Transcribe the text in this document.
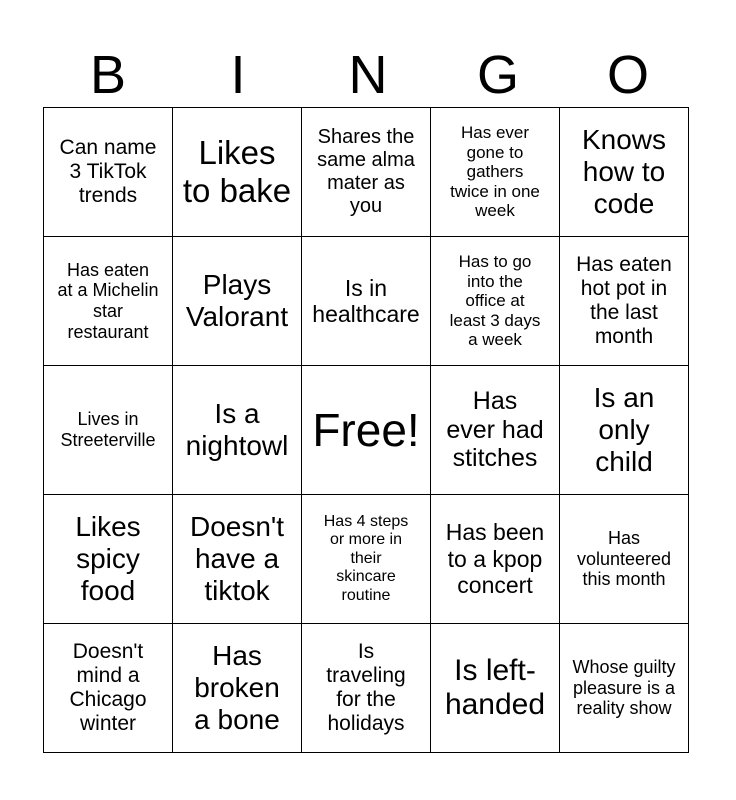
B	I	N	G	O
Can name
3 TikTok
trends	Likes
to bake	Shares the
same alma
mater as
you	Has ever
gone to
gathers
twice in one
week	Knows
how to
code
Has eaten
at a Michelin
star
restaurant	Plays
Valorant	Is in
healthcare	Has to go
into the
office at
least 3 days
a week	Has eaten
hot pot in
the last
month
Lives in
Streeterville	Is a
nightowl	Free!	Has
ever had
stitches	Is an
only
child
Likes
spicy
food	Doesn't
have a
tiktok	Has 4 steps
or more in
their
skincare
routine	Has been
to a kpop
concert	Has
volunteered
this month
Doesn't
mind a
Chicago
winter	Has
broken
a bone	Is
traveling
for the
holidays	Is left-
handed	Whose guilty
pleasure is a
reality show
